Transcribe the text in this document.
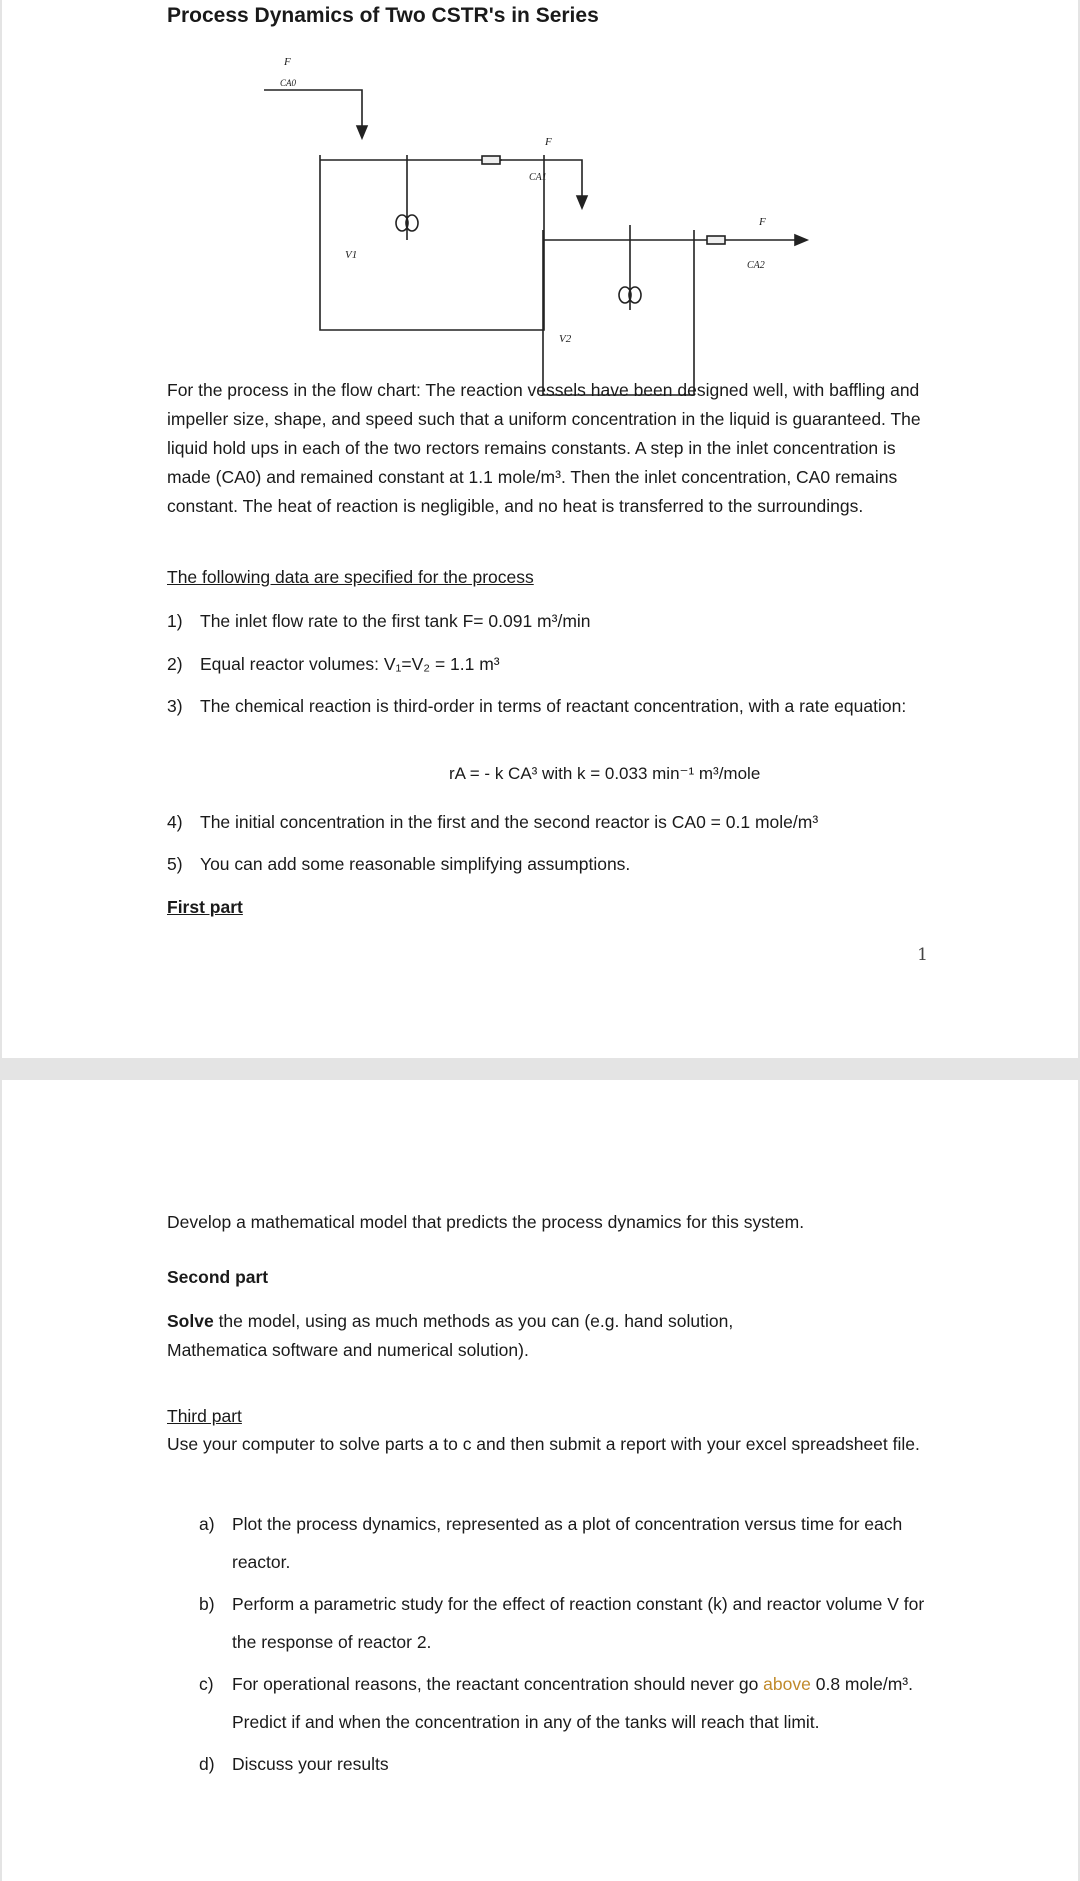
Process Dynamics of Two CSTR's in Series
F
CA0
F
CA1
V1
F
CA2
V2
For the process in the flow chart: The reaction vessels have been designed well, with baffling and impeller size, shape, and speed such that a uniform concentration in the liquid is guaranteed. The liquid hold ups in each of the two rectors remains constants. A step in the inlet concentration is made (CA0) and remained constant at 1.1 mole/m³. Then the inlet concentration, CA0 remains constant. The heat of reaction is negligible, and no heat is transferred to the surroundings.
The following data are specified for the process
1) The inlet flow rate to the first tank F= 0.091 m³/min
2) Equal reactor volumes: V₁=V₂ = 1.1 m³
3) The chemical reaction is third-order in terms of reactant concentration, with a rate equation:
rA = - k CA³ with k = 0.033 min⁻¹ m³/mole
4) The initial concentration in the first and the second reactor is CA0 = 0.1 mole/m³
5) You can add some reasonable simplifying assumptions.
First part
1
Develop a mathematical model that predicts the process dynamics for this system.
Second part
Solve the model, using as much methods as you can (e.g. hand solution, Mathematica software and numerical solution).
Third part
Use your computer to solve parts a to c and then submit a report with your excel spreadsheet file.
a) Plot the process dynamics, represented as a plot of concentration versus time for each reactor.
b) Perform a parametric study for the effect of reaction constant (k) and reactor volume V for the response of reactor 2.
c)	For operational reasons, the reactant concentration should never go above 0.8 mole/m³. Predict if and when the concentration in any of the tanks will reach that limit.
d) Discuss your results
